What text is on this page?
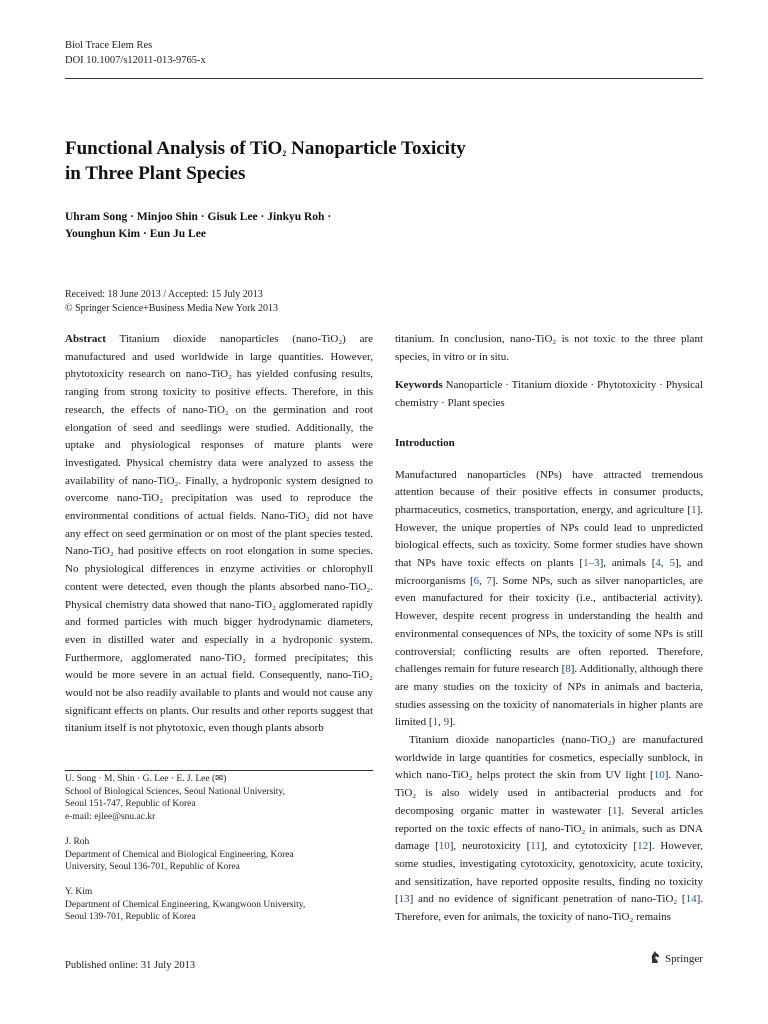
Biol Trace Elem Res
DOI 10.1007/s12011-013-9765-x
Functional Analysis of TiO$_2$ Nanoparticle Toxicity
in Three Plant Species
Uhram Song · Minjoo Shin · Gisuk Lee · Jinkyu Roh ·
Younghun Kim · Eun Ju Lee
Received: 18 June 2013 / Accepted: 15 July 2013
© Springer Science+Business Media New York 2013

Abstract Titanium dioxide nanoparticles (nano-TiO₂) are manufactured and used worldwide in large quantities. However, phytotoxicity research on nano-TiO₂ has yielded confusing results, ranging from strong toxicity to positive effects. Therefore, in this research, the effects of nano-TiO₂ on the germination and root elongation of seed and seedlings were studied. Additionally, the uptake and physiological responses of mature plants were investigated. Physical chemistry data were analyzed to assess the availability of nano-TiO₂. Finally, a hydroponic system designed to overcome nano-TiO₂ precipitation was used to reproduce the environmental conditions of actual fields. Nano-TiO₂ did not have any effect on seed germination or on most of the plant species tested. Nano-TiO₂ had positive effects on root elongation in some species. No physiological differences in enzyme activities or chlorophyll content were detected, even though the plants absorbed nano-TiO₂. Physical chemistry data showed that nano-TiO₂ agglomerated rapidly and formed particles with much bigger hydrodynamic diameters, even in distilled water and especially in a hydroponic system. Furthermore, agglomerated nano-TiO₂ formed precipitates; this would be more severe in an actual field. Consequently, nano-TiO₂ would not be also readily available to plants and would not cause any significant effects on plants. Our results and other reports suggest that titanium itself is not phytotoxic, even though plants absorb

titanium. In conclusion, nano-TiO₂ is not toxic to the three plant species, in vitro or in situ.

Keywords Nanoparticle · Titanium dioxide · Phytotoxicity · Physical chemistry · Plant species

Introduction

Manufactured nanoparticles (NPs) have attracted tremendous attention because of their positive effects in consumer products, pharmaceutics, cosmetics, transportation, energy, and agriculture [1]. However, the unique properties of NPs could lead to unpredicted biological effects, such as toxicity. Some former studies have shown that NPs have toxic effects on plants [1–3], animals [4, 5], and microorganisms [6, 7]. Some NPs, such as silver nanoparticles, are even manufactured for their toxicity (i.e., antibacterial activity). However, despite recent progress in understanding the health and environmental consequences of NPs, the toxicity of some NPs is still controversial; conflicting results are often reported. Therefore, challenges remain for future research [8]. Additionally, although there are many studies on the toxicity of NPs in animals and bacteria, studies assessing on the toxicity of nanomaterials in higher plants are limited [1, 9].

Titanium dioxide nanoparticles (nano-TiO₂) are manufactured worldwide in large quantities for cosmetics, especially sunblock, in which nano-TiO₂ helps protect the skin from UV light [10]. Nano-TiO₂ is also widely used in antibacterial products and for decomposing organic matter in wastewater [1]. Several articles reported on the toxic effects of nano-TiO₂ in animals, such as DNA damage [10], neurotoxicity [11], and cytotoxicity [12]. However, some studies, investigating cytotoxicity, genotoxicity, acute toxicity, and sensitization, have reported opposite results, finding no toxicity [13] and no evidence of significant penetration of nano-TiO₂ [14]. Therefore, even for animals, the toxicity of nano-TiO₂ remains

U. Song · M. Shin · G. Lee · E. J. Lee (✉)
School of Biological Sciences, Seoul National University,
Seoul 151-747, Republic of Korea
e-mail: ejlee@snu.ac.kr
J. Roh
Department of Chemical and Biological Engineering, Korea
University, Seoul 136-701, Republic of Korea
Y. Kim
Department of Chemical Engineering, Kwangwoon University,
Seoul 139-701, Republic of Korea
Published online: 31 July 2013
Springer
